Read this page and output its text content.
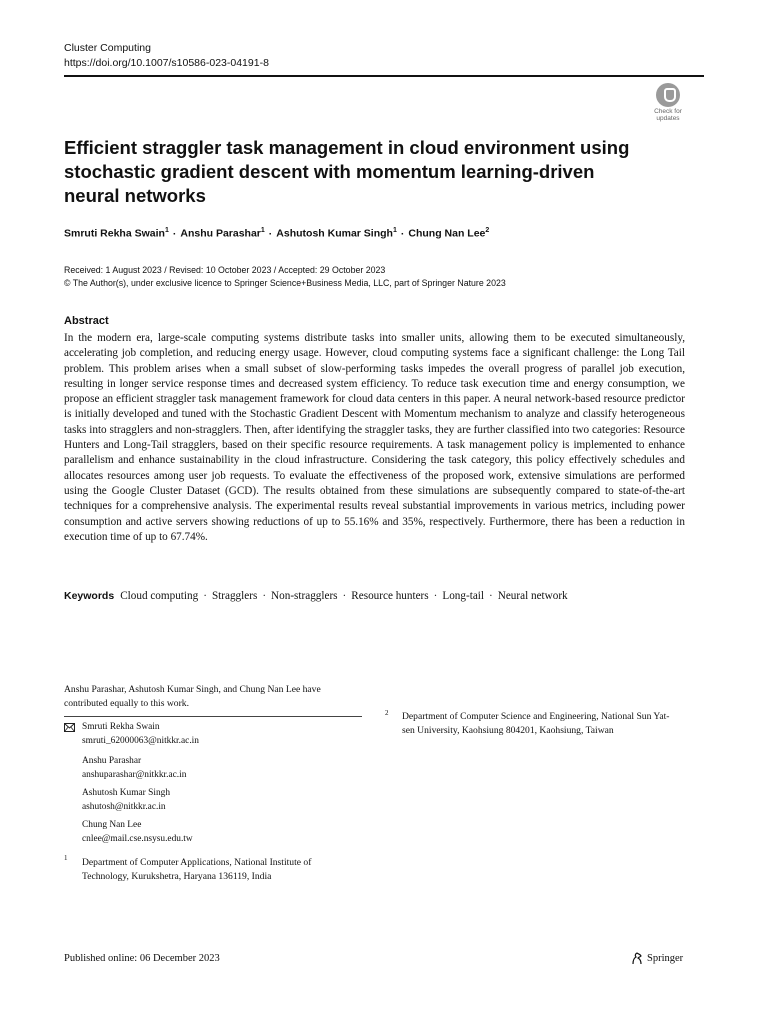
Cluster Computing
https://doi.org/10.1007/s10586-023-04191-8
Check for
updates
Efficient straggler task management in cloud environment using stochastic gradient descent with momentum learning-driven neural networks
Smruti Rekha Swain$^1$ · Anshu Parashar$^1$ · Ashutosh Kumar Singh$^1$ · Chung Nan Lee$^2$
Received: 1 August 2023 / Revised: 10 October 2023 / Accepted: 29 October 2023
© The Author(s), under exclusive licence to Springer Science+Business Media, LLC, part of Springer Nature 2023
Abstract
In the modern era, large-scale computing systems distribute tasks into smaller units, allowing them to be executed simultaneously, accelerating job completion, and reducing energy usage. However, cloud computing systems face a significant challenge: the Long Tail problem. This problem arises when a small subset of slow-performing tasks impedes the overall progress of parallel job execution, resulting in longer service response times and decreased system efficiency. To reduce task execution time and energy consumption, we propose an efficient straggler task management framework for cloud data centers in this paper. A neural network-based resource predictor is initially developed and tuned with the Stochastic Gradient Descent with Momentum mechanism to analyze and classify heterogeneous tasks into stragglers and non-stragglers. Then, after identifying the straggler tasks, they are further classified into two categories: Resource Hunters and Long-Tail stragglers, based on their specific resource requirements. A task management policy is implemented to enhance parallelism and enhance sustainability in the cloud infrastructure. Considering the task category, this policy effectively schedules and allocates resources among user job requests. To evaluate the effectiveness of the proposed work, extensive simulations are performed using the Google Cluster Dataset (GCD). The results obtained from these simulations are subsequently compared to state-of-the-art techniques for a comprehensive analysis. The experimental results reveal substantial improvements in various metrics, including power consumption and active servers showing reductions of up to 55.16% and 35%, respectively. Furthermore, there has been a reduction in execution time of up to 67.74%.
Keywords Cloud computing · Stragglers · Non-stragglers · Resource hunters · Long-tail · Neural network
Anshu Parashar, Ashutosh Kumar Singh, and Chung Nan Lee have contributed equally to this work.
Smruti Rekha Swain
smruti_62000063@nitkkr.ac.in
Anshu Parashar
anshuparashar@nitkkr.ac.in
Ashutosh Kumar Singh
ashutosh@nitkkr.ac.in
Chung Nan Lee
cnlee@mail.cse.nsysu.edu.tw
1 Department of Computer Applications, National Institute of Technology, Kurukshetra, Haryana 136119, India
2 Department of Computer Science and Engineering, National Sun Yat-sen University, Kaohsiung 804201, Kaohsiung, Taiwan
Published online: 06 December 2023	Springer
